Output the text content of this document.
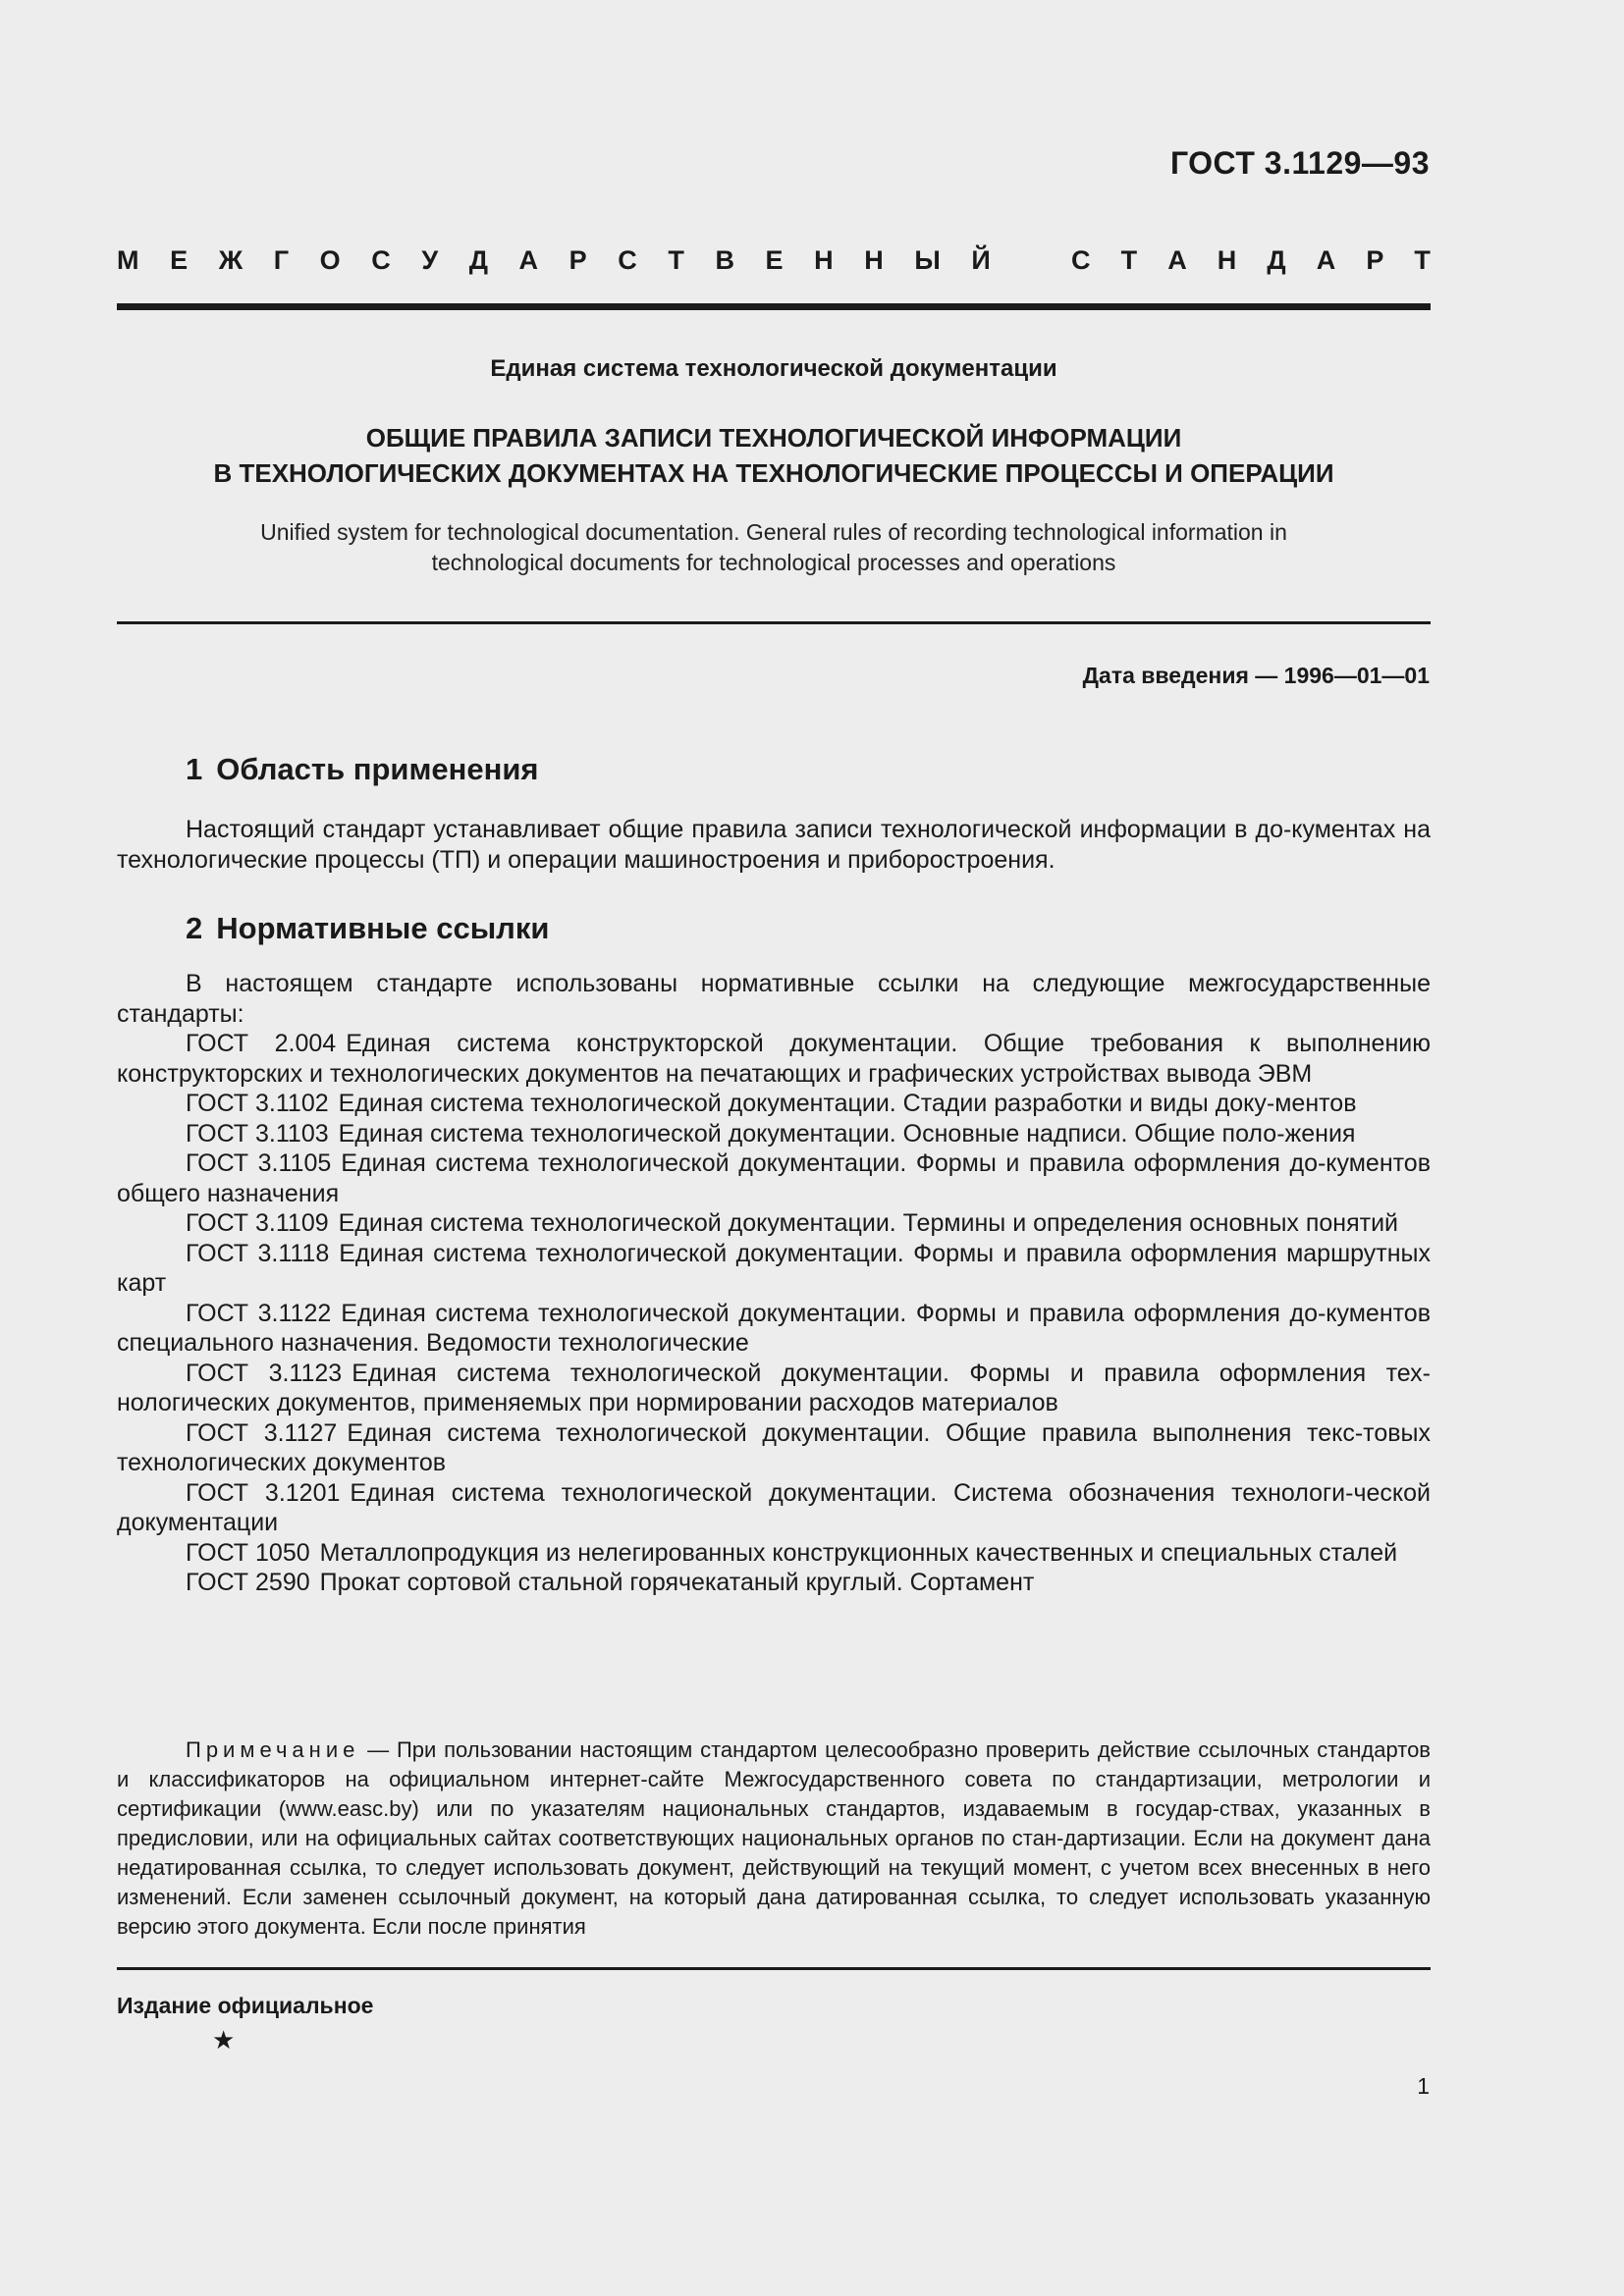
ГОСТ 3.1129—93
М Е Ж Г О С У Д А Р С Т В Е Н Н Ы Й	С Т А Н Д А Р Т
Единая система технологической документации
ОБЩИЕ ПРАВИЛА ЗАПИСИ ТЕХНОЛОГИЧЕСКОЙ ИНФОРМАЦИИ
В ТЕХНОЛОГИЧЕСКИХ ДОКУМЕНТАХ НА ТЕХНОЛОГИЧЕСКИЕ ПРОЦЕССЫ И ОПЕРАЦИИ
Unified system for technological documentation. General rules of recording technological information in
technological documents for technological processes and operations
Дата введения — 1996—01—01
1 Область применения
Настоящий стандарт устанавливает общие правила записи технологической информации в до-кументах на технологические процессы (ТП) и операции машиностроения и приборостроения.
2 Нормативные ссылки

В настоящем стандарте использованы нормативные ссылки на следующие межгосударственные стандарты:

ГОСТ 2.004 Единая система конструкторской документации. Общие требования к выполнению конструкторских и технологических документов на печатающих и графических устройствах вывода ЭВМ

ГОСТ 3.1102 Единая система технологической документации. Стадии разработки и виды доку-ментов

ГОСТ 3.1103 Единая система технологической документации. Основные надписи. Общие поло-жения

ГОСТ 3.1105 Единая система технологической документации. Формы и правила оформления до-кументов общего назначения

ГОСТ 3.1109 Единая система технологической документации. Термины и определения основных понятий

ГОСТ 3.1118 Единая система технологической документации. Формы и правила оформления маршрутных карт

ГОСТ 3.1122 Единая система технологической документации. Формы и правила оформления до-кументов специального назначения. Ведомости технологические

ГОСТ 3.1123 Единая система технологической документации. Формы и правила оформления тех-нологических документов, применяемых при нормировании расходов материалов

ГОСТ 3.1127 Единая система технологической документации. Общие правила выполнения текс-товых технологических документов

ГОСТ 3.1201 Единая система технологической документации. Система обозначения технологи-ческой документации

ГОСТ 1050 Металлопродукция из нелегированных конструкционных качественных и специальных сталей

ГОСТ 2590 Прокат сортовой стальной горячекатаный круглый. Сортамент

Примечание — При пользовании настоящим стандартом целесообразно проверить действие ссылочных стандартов и классификаторов на официальном интернет-сайте Межгосударственного совета по стандартизации, метрологии и сертификации (www.easc.by) или по указателям национальных стандартов, издаваемым в государ-ствах, указанных в предисловии, или на официальных сайтах соответствующих национальных органов по стан-дартизации. Если на документ дана недатированная ссылка, то следует использовать документ, действующий на текущий момент, с учетом всех внесенных в него изменений. Если заменен ссылочный документ, на который дана датированная ссылка, то следует использовать указанную версию этого документа. Если после принятия
Издание официальное
★
1
